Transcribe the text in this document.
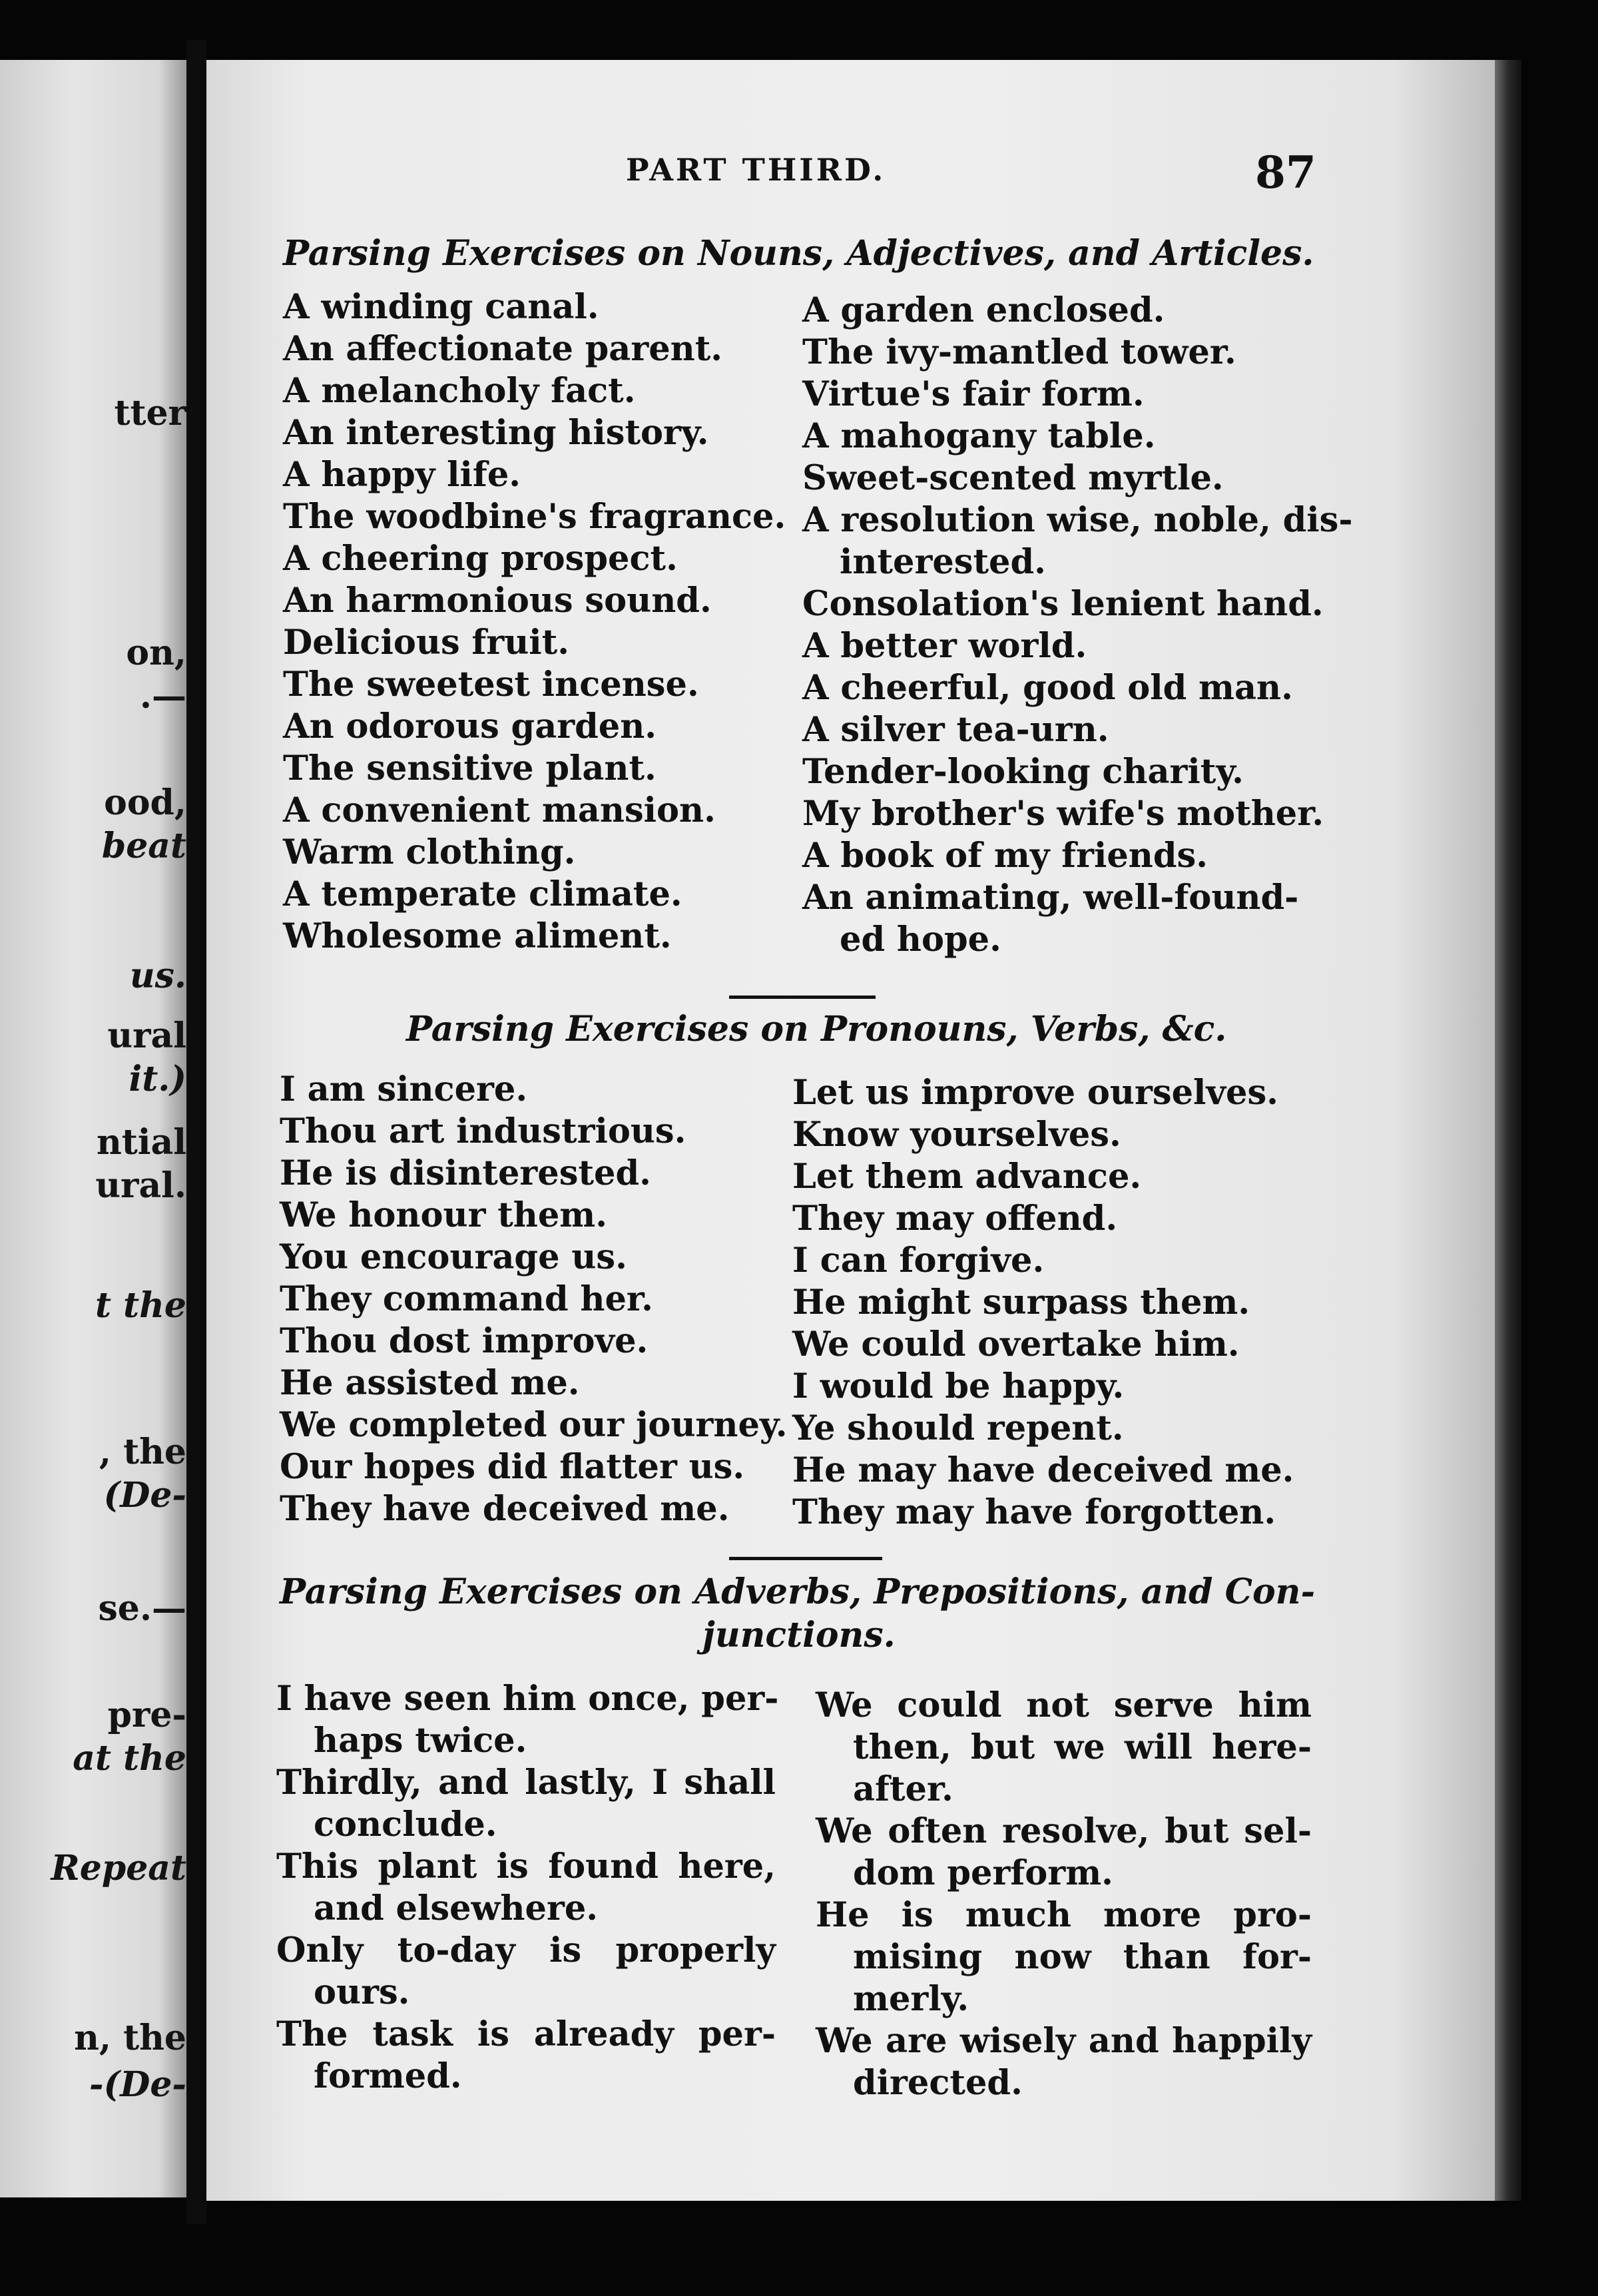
tter
on,
.—
ood,
beat
us.
ural
it.)
ntial
ural.
t the
, the
(De-
se.—
pre-
at the
Repeat
n, the
-(De-
PART THIRD.	87
Parsing Exercises on Nouns, Adjectives, and Articles.
A winding canal.
An affectionate parent.
A melancholy fact.
An interesting history.
A happy life.
The woodbine's fragrance.
A cheering prospect.
An harmonious sound.
Delicious fruit.
The sweetest incense.
An odorous garden.
The sensitive plant.
A convenient mansion.
Warm clothing.
A temperate climate.
Wholesome aliment.
A garden enclosed.
The ivy-mantled tower.
Virtue's fair form.
A mahogany table.
Sweet-scented myrtle.
A resolution wise, noble, dis-
interested.
Consolation's lenient hand.
A better world.
A cheerful, good old man.
A silver tea-urn.
Tender-looking charity.
My brother's wife's mother.
A book of my friends.
An animating, well-found-
ed hope.
Parsing Exercises on Pronouns, Verbs, &c.
I am sincere.
Thou art industrious.
He is disinterested.
We honour them.
You encourage us.
They command her.
Thou dost improve.
He assisted me.
We completed our journey.
Our hopes did flatter us.
They have deceived me.
Let us improve ourselves.
Know yourselves.
Let them advance.
They may offend.
I can forgive.
He might surpass them.
We could overtake him.
I would be happy.
Ye should repent.
He may have deceived me.
They may have forgotten.
Parsing Exercises on Adverbs, Prepositions, and Con-
junctions.
I have seen him once, per-
haps twice.
Thirdly, and lastly, I shall
conclude.
This plant is found here,
and elsewhere.
Only to-day is properly
ours.
The task is already per-
formed.
We could not serve him
then, but we will here-
after.
We often resolve, but sel-
dom perform.
He is much more pro-
mising now than for-
merly.
We are wisely and happily
directed.
